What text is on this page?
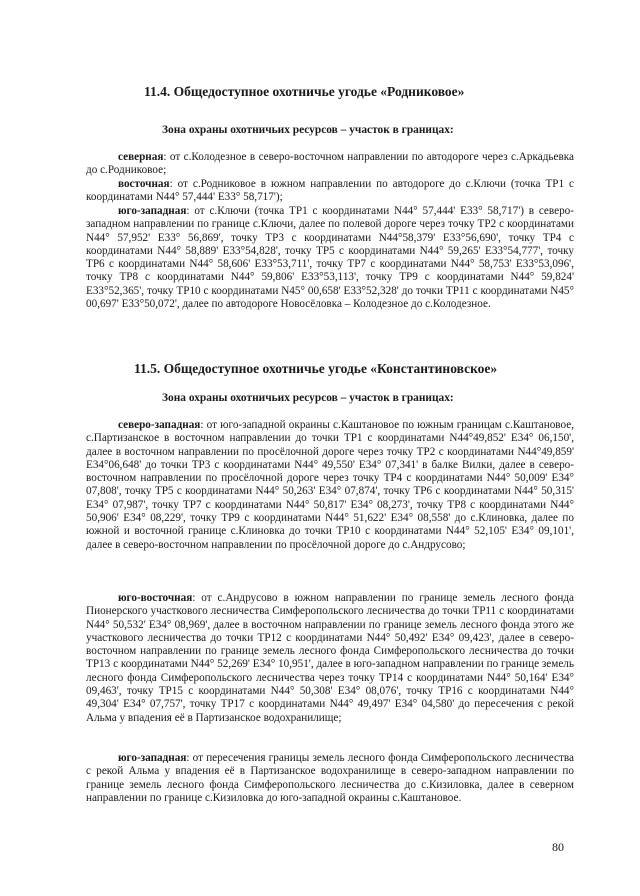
11.4. Общедоступное охотничье угодье «Родниковое»
Зона охраны охотничьих ресурсов – участок в границах:
северная: от с.Колодезное в северо-восточном направлении по автодороге через с.Аркадьевка до с.Родниковое;
восточная: от с.Родниковое в южном направлении по автодороге до с.Ключи (точка ТР1 с координатами N44° 57,444' E33° 58,717');
юго-западная: от с.Ключи (точка ТР1 с координатами N44° 57,444' E33° 58,717') в северо-западном направлении по границе с.Ключи, далее по полевой дороге через точку ТР2 с координатами N44° 57,952' E33° 56,869', точку ТР3 с координатами N44°58,379' E33°56,690', точку ТР4 с координатами N44° 58,889' E33°54,828', точку ТР5 с координатами N44° 59,265' E33°54,777', точку ТР6 с координатами N44° 58,606' E33°53,711', точку ТР7 с координатами N44° 58,753' E33°53,096', точку ТР8 с координатами N44° 59,806' E33°53,113', точку ТР9 с координатами N44° 59,824' E33°52,365', точку ТР10 с координатами N45° 00,658' E33°52,328' до точки ТР11 с координатами N45° 00,697' E33°50,072', далее по автодороге Новосёловка – Колодезное до с.Колодезное.
11.5. Общедоступное охотничье угодье «Константиновское»
Зона охраны охотничьих ресурсов – участок в границах:
северо-западная: от юго-западной окраины с.Каштановое по южным границам с.Каштановое, с.Партизанское в восточном направлении до точки ТР1 с координатами N44°49,852' E34° 06,150', далее в восточном направлении по просёлочной дороге через точку ТР2 с координатами N44°49,859' E34°06,648' до точки ТР3 с координатами N44° 49,550' E34° 07,341' в балке Вилки, далее в северо-восточном направлении по просёлочной дороге через точку ТР4 с координатами N44° 50,009' E34° 07,808', точку ТР5 с координатами N44° 50,263' E34° 07,874', точку ТР6 с координатами N44° 50,315' E34° 07,987', точку ТР7 с координатами N44° 50,817' E34° 08,273', точку ТР8 с координатами N44° 50,906' E34° 08,229', точку ТР9 с координатами N44° 51,622' E34° 08,558' до с.Клиновка, далее по южной и восточной границе с.Клиновка до точки ТР10 с координатами N44° 52,105' E34° 09,101', далее в северо-восточном направлении по просёлочной дороге до с.Андрусово;
юго-восточная: от с.Андрусово в южном направлении по границе земель лесного фонда Пионерского участкового лесничества Симферопольского лесничества до точки ТР11 с координатами N44° 50,532' E34° 08,969', далее в восточном направлении по границе земель лесного фонда этого же участкового лесничества до точки ТР12 с координатами N44° 50,492' E34° 09,423', далее в северо-восточном направлении по границе земель лесного фонда Симферопольского лесничества до точки ТР13 с координатами N44° 52,269' E34° 10,951', далее в юго-западном направлении по границе земель лесного фонда Симферопольского лесничества через точку ТР14 с координатами N44° 50,164' E34° 09,463', точку ТР15 с координатами N44° 50,308' E34° 08,076', точку ТР16 с координатами N44° 49,304' E34° 07,757', точку ТР17 с координатами N44° 49,497' E34° 04,580' до пересечения с рекой Альма у впадения её в Партизанское водохранилище;
юго-западная: от пересечения границы земель лесного фонда Симферопольского лесничества с рекой Альма у впадения её в Партизанское водохранилище в северо-западном направлении по границе земель лесного фонда Симферопольского лесничества до с.Кизиловка, далее в северном направлении по границе с.Кизиловка до юго-западной окраины с.Каштановое.
80
